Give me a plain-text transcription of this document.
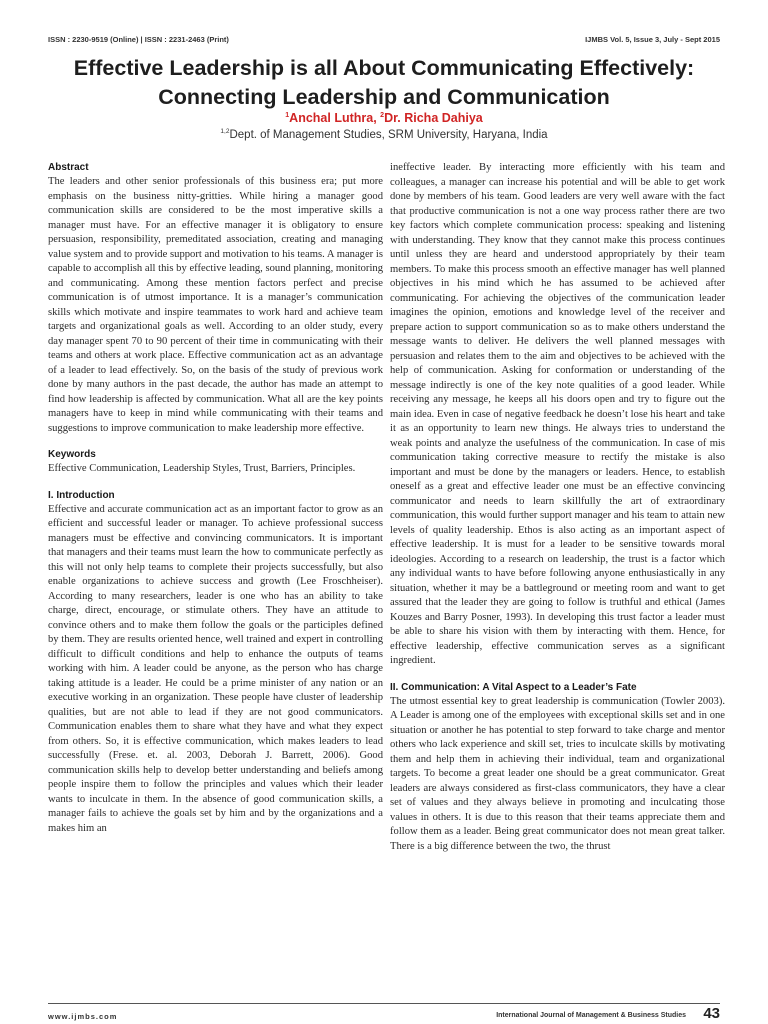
ISSN : 2230-9519 (Online) | ISSN : 2231-2463 (Print)	IJMBS Vol. 5, Issue 3, July - Sept 2015
Effective Leadership is all About Communicating Effectively: Connecting Leadership and Communication
$^1$Anchal Luthra, $^2$Dr. Richa Dahiya
$^{1,2}$Dept. of Management Studies, SRM University, Haryana, India
Abstract

The leaders and other senior professionals of this business era; put more emphasis on the business nitty-gritties. While hiring a manager good communication skills are considered to be the most imperative skills a manager must have. For an effective manager it is obligatory to ensure persuasion, responsibility, premeditated association, creating and managing value system and to provide support and motivation to his teams. A manager is capable to accomplish all this by effective leading, sound planning, monitoring and communicating. Among these mention factors perfect and precise communication is of utmost importance. It is a manager’s communication skills which motivate and inspire teammates to work hard and achieve team targets and organizational goals as well. According to an older study, every day manager spent 70 to 90 percent of their time in communicating with their teams and others at work place. Effective communication act as an advantage of a leader to lead effectively. So, on the basis of the study of previous work done by many authors in the past decade, the author has made an attempt to find how leadership is affected by communication. What all are the key points managers have to keep in mind while communicating with their teams and suggestions to improve communication to make leadership more effective.

Keywords

Effective Communication, Leadership Styles, Trust, Barriers, Principles.

I. Introduction

Effective and accurate communication act as an important factor to grow as an efficient and successful leader or manager. To achieve professional success managers must be effective and convincing communicators. It is important that managers and their teams must learn the how to communicate perfectly as this will not only help teams to complete their projects successfully, but also enable organizations to achieve success and growth (Lee Froschheiser). According to many researchers, leader is one who has an ability to take charge, direct, encourage, or stimulate others. They have an attitude to convince others and to make them follow the goals or the participles defined by them. They are results oriented hence, well trained and expert in controlling difficult to difficult conditions and help to enhance the outputs of teams working with him. A leader could be anyone, as the person who has charge taking attitude is a leader. He could be a prime minister of any nation or an executive working in an organization. These people have cluster of leadership qualities, but are not able to lead if they are not good communicators. Communication enables them to share what they have and what they expect from others. So, it is effective communication, which makes leaders to lead successfully (Frese. et. al. 2003, Deborah J. Barrett, 2006). Good communication skills help to develop better understanding and beliefs among people inspire them to follow the principles and values which their leader wants to inculcate in them. In the absence of good communication skills, a manager fails to achieve the goals set by him and by the organizations and a makes him an

ineffective leader. By interacting more efficiently with his team and colleagues, a manager can increase his potential and will be able to get work done by members of his team. Good leaders are very well aware with the fact that productive communication is not a one way process rather there are two key factors which complete communication process: speaking and listening with understanding. They know that they cannot make this process continues until unless they are heard and understood appropriately by their team members. To make this process smooth an effective manager has well planned objectives in his mind which he has assumed to be achieved after communicating. For achieving the objectives of the communication leader imagines the opinion, emotions and knowledge level of the receiver and prepare action to support communication so as to make others understand the message wants to deliver. He delivers the well planned messages with persuasion and relates them to the aim and objectives to be achieved with the help of communication. Asking for conformation or understanding of the message indirectly is one of the key note qualities of a good leader. While receiving any message, he keeps all his doors open and try to figure out the main idea. Even in case of negative feedback he doesn’t lose his heart and take it as an opportunity to learn new things. He always tries to understand the weak points and analyze the usefulness of the communication. In case of mis communication taking corrective measure to rectify the mistake is also important and must be done by the managers or leaders. Hence, to establish oneself as a great and effective leader one must be an effective convincing communicator and needs to learn skillfully the art of extraordinary communication, this would further support manager and his team to attain new levels of quality leadership. Ethos is also acting as an important aspect of effective leadership. It is must for a leader to be sensitive towards moral ideologies. According to a research on leadership, the trust is a factor which any individual wants to have before following anyone enthusiastically in any situation, whether it may be a battleground or meeting room and want to get assured that the leader they are going to follow is truthful and ethical (James Kouzes and Barry Posner, 1993). In developing this trust factor a leader must be able to share his vision with them by interacting with them. Hence, for effective leadership, effective communication serves as a significant ingredient.

II. Communication: A Vital Aspect to a Leader’s Fate

The utmost essential key to great leadership is communication (Towler 2003). A Leader is among one of the employees with exceptional skills set and in one situation or another he has potential to step forward to take charge and mentor others who lack experience and skill set, tries to inculcate skills by motivating them and help them in achieving their individual, team and organizational targets. To become a great leader one should be a great communicator. Great leaders are always considered as first-class communicators, they have a clear set of values and they always believe in promoting and inculcating those values in others. It is due to this reason that their teams appreciate them and follow them as a leader. Being great communicator does not mean great talker. There is a big difference between the two, the thrust

www.ijmbs.com	International Journal of Management & Business Studies 43
